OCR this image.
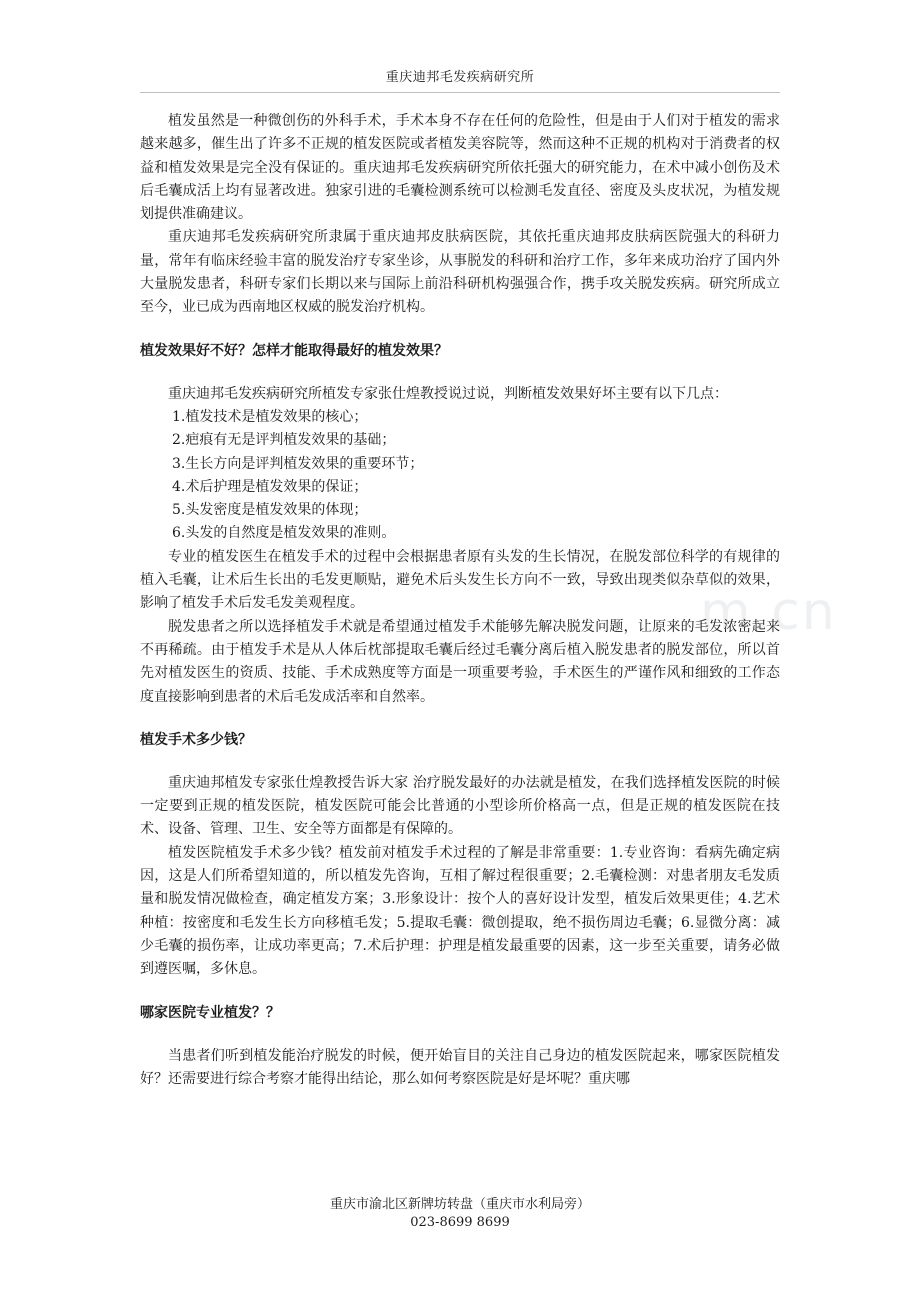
m.cn
重庆迪邦毛发疾病研究所

植发虽然是一种微创伤的外科手术，手术本身不存在任何的危险性，但是由于人们对于植发的需求越来越多，催生出了许多不正规的植发医院或者植发美容院等，然而这种不正规的机构对于消费者的权益和植发效果是完全没有保证的。重庆迪邦毛发疾病研究所依托强大的研究能力，在术中减小创伤及术后毛囊成活上均有显著改进。独家引进的毛囊检测系统可以检测毛发直径、密度及头皮状况，为植发规划提供准确建议。

重庆迪邦毛发疾病研究所隶属于重庆迪邦皮肤病医院，其依托重庆迪邦皮肤病医院强大的科研力量，常年有临床经验丰富的脱发治疗专家坐诊，从事脱发的科研和治疗工作，多年来成功治疗了国内外大量脱发患者，科研专家们长期以来与国际上前沿科研机构强强合作，携手攻关脱发疾病。研究所成立至今，业已成为西南地区权威的脱发治疗机构。

植发效果好不好？怎样才能取得最好的植发效果？

重庆迪邦毛发疾病研究所植发专家张仕煌教授说过说，判断植发效果好坏主要有以下几点：

1.植发技术是植发效果的核心；

2.疤痕有无是评判植发效果的基础；

3.生长方向是评判植发效果的重要环节；

4.术后护理是植发效果的保证；

5.头发密度是植发效果的体现；

6.头发的自然度是植发效果的准则。

专业的植发医生在植发手术的过程中会根据患者原有头发的生长情况，在脱发部位科学的有规律的植入毛囊，让术后生长出的毛发更顺贴，避免术后头发生长方向不一致，导致出现类似杂草似的效果，影响了植发手术后发毛发美观程度。

脱发患者之所以选择植发手术就是希望通过植发手术能够先解决脱发问题，让原来的毛发浓密起来不再稀疏。由于植发手术是从人体后枕部提取毛囊后经过毛囊分离后植入脱发患者的脱发部位，所以首先对植发医生的资质、技能、手术成熟度等方面是一项重要考验，手术医生的严谨作风和细致的工作态度直接影响到患者的术后毛发成活率和自然率。

植发手术多少钱？

重庆迪邦植发专家张仕煌教授告诉大家 治疗脱发最好的办法就是植发，在我们选择植发医院的时候一定要到正规的植发医院，植发医院可能会比普通的小型诊所价格高一点，但是正规的植发医院在技术、设备、管理、卫生、安全等方面都是有保障的。

植发医院植发手术多少钱？植发前对植发手术过程的了解是非常重要：1.专业咨询：看病先确定病因，这是人们所希望知道的，所以植发先咨询，互相了解过程很重要；2.毛囊检测：对患者朋友毛发质量和脱发情况做检查，确定植发方案；3.形象设计：按个人的喜好设计发型，植发后效果更佳；4.艺术种植：按密度和毛发生长方向移植毛发；5.提取毛囊：微创提取，绝不损伤周边毛囊；6.显微分离：减少毛囊的损伤率，让成功率更高；7.术后护理：护理是植发最重要的因素，这一步至关重要，请务必做到遵医嘱，多休息。

哪家医院专业植发？？

当患者们听到植发能治疗脱发的时候，便开始盲目的关注自己身边的植发医院起来，哪家医院植发好？还需要进行综合考察才能得出结论，那么如何考察医院是好是坏呢？重庆哪

重庆市渝北区新牌坊转盘（重庆市水利局旁）
023-8699 8699
